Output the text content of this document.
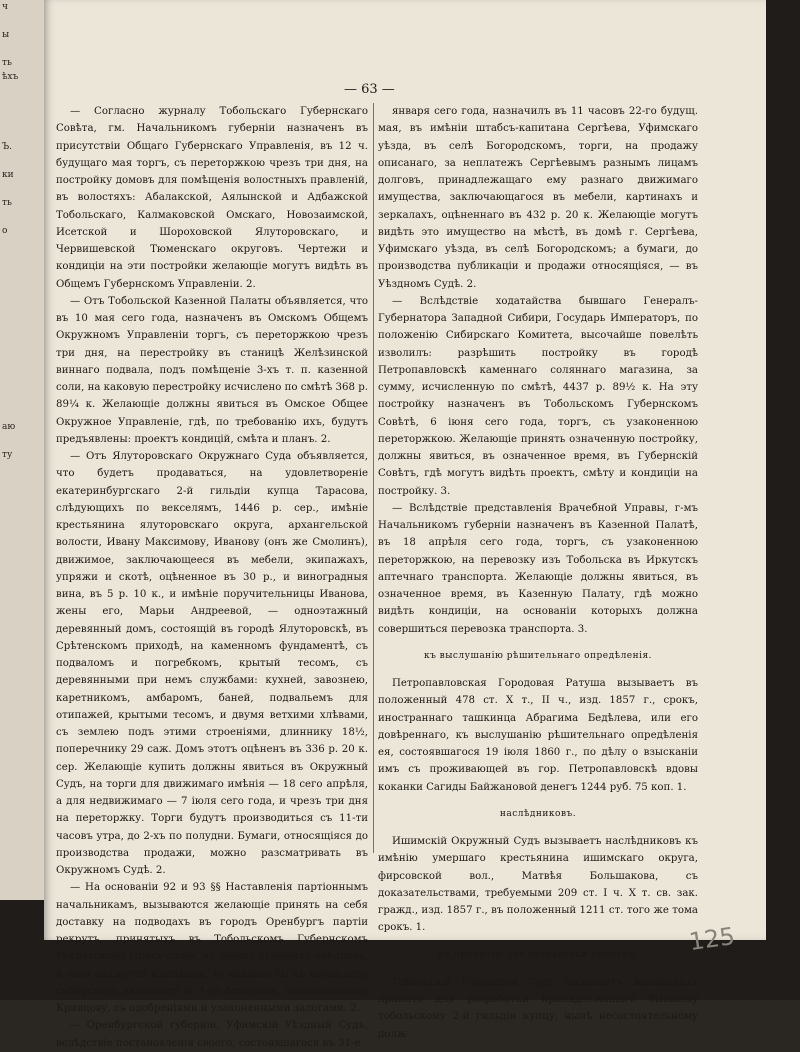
ч

ы

ть
ѣхъ

Ъ.

ки

ть

о

аю

ту

— 63 —

— Согласно журналу Тобольскаго Губернскаго Совѣта, гм. Начальникомъ губерніи назначенъ въ присутствіи Общаго Губернскаго Управленія, въ 12 ч. будущаго мая торгъ, съ переторжкою чрезъ три дня, на постройку домовъ для помѣщенія волостныхъ правленій, въ волостяхъ: Абалакской, Аялынской и Адбажской Тобольскаго, Калмаковской Омскаго, Новозаимской, Исетской и Шороховской Ялуторовскаго, и Червишевской Тюменскаго округовъ. Чертежи и кондиціи на эти постройки желающіе могутъ видѣть въ Общемъ Губернскомъ Управленіи. 2.

— Отъ Тобольской Казенной Палаты объявляется, что въ 10 мая сего года, назначенъ въ Омскомъ Общемъ Окружномъ Управленіи торгъ, съ переторжкою чрезъ три дня, на перестройку въ станицѣ Желѣзинской виннаго подвала, подъ помѣщеніе 3-хъ т. п. казенной соли, на каковую перестройку исчислено по смѣтѣ 368 р. 89¼ к. Желающіе должны явиться въ Омское Общее Окружное Управленіе, гдѣ, по требованію ихъ, будутъ предъявлены: проектъ кондицій, смѣта и планъ. 2.

— Отъ Ялуторовскаго Окружнаго Суда объявляется, что будетъ продаваться, на удовлетвореніе екатеринбургскаго 2-й гильдіи купца Тарасова, слѣдующихъ по векселямъ, 1446 р. сер., имѣніе крестьянина ялуторовскаго округа, архангельской волости, Ивану Максимову, Иванову (онъ же Смолинъ), движимое, заключающееся въ мебели, экипажахъ, упряжи и скотѣ, оцѣненное въ 30 р., и виноградныя вина, въ 5 р. 10 к., и имѣніе поручительницы Иванова, жены его, Марьи Андреевой, — одноэтажный деревянный домъ, состоящій въ городѣ Ялуторовскѣ, въ Срѣтенскомъ приходѣ, на каменномъ фундаментѣ, съ подваломъ и погребкомъ, крытый тесомъ, съ деревянными при немъ службами: кухней, завознею, каретникомъ, амбаромъ, баней, подвальемъ для отипажей, крытыми тесомъ, и двумя ветхими хлѣвами, съ землею подъ этими строеніями, длиннику 18½, поперечнику 29 саж. Домъ этотъ оцѣненъ въ 336 р. 20 к. сер. Желающіе купить должны явиться въ Окружный Судъ, на торги для движимаго имѣнія — 18 сего апрѣля, а для недвижимаго — 7 іюля сего года, и чрезъ три дня на переторжку. Торги будутъ производиться съ 11-ти часовъ утра, до 2-хъ по полудни. Бумаги, относящіяся до производства продажи, можно разсматривать въ Окружномъ Судѣ. 2.

— На основаніи 92 и 93 §§ Наставленія партіоннымъ начальникамъ, вызываются желающіе принять на себя доставку на подводахъ въ городъ Оренбургъ партіи рекрутъ, принятыхъ въ Тобольскомъ Губернскомъ Рекрутскомъ Присутствіи, въ зачетъ будущихъ наборовъ, и если окажутся желающіе, то явились бы къ командиру сибирскаго линейнаго № 1-го баталіона, подполковнику Кривцову, съ одобреніями и узаконенными залогами. 2.

— Оренбургской губерніи, Уфимскій Уѣздный Судъ, вслѣдствіе постановленія своего, состоявшагося въ 31-е

января сего года, назначилъ въ 11 часовъ 22-го будущ. мая, въ имѣніи штабсъ-капитана Сергѣева, Уфимскаго уѣзда, въ селѣ Богородскомъ, торги, на продажу описанаго, за неплатежъ Сергѣевымъ разнымъ лицамъ долговъ, принадлежащаго ему разнаго движимаго имущества, заключающагося въ мебели, картинахъ и зеркалахъ, оцѣненнаго въ 432 р. 20 к. Желающіе могутъ видѣть это имущество на мѣстѣ, въ домѣ г. Сергѣева, Уфимскаго уѣзда, въ селѣ Богородскомъ; а бумаги, до производства публикаціи и продажи относящіяся, — въ Уѣздномъ Судѣ. 2.

— Вслѣдствіе ходатайства бывшаго Генералъ-Губернатора Западной Сибири, Государь Императоръ, по положенію Сибирскаго Комитета, высочайше повелѣть изволилъ: разрѣшить постройку въ городѣ Петропавловскѣ каменнаго соляннаго магазина, за сумму, исчисленную по смѣтѣ, 4437 р. 89½ к. На эту постройку назначенъ въ Тобольскомъ Губернскомъ Совѣтѣ, 6 іюня сего года, торгъ, съ узаконенною переторжкою. Желающіе принять означенную постройку, должны явиться, въ означенное время, въ Губернскій Совѣтъ, гдѣ могутъ видѣть проектъ, смѣту и кондиціи на постройку. 3.

— Вслѣдствіе представленія Врачебной Управы, г-мъ Начальникомъ губерніи назначенъ въ Казенной Палатѣ, въ 18 апрѣля сего года, торгъ, съ узаконенною переторжкою, на перевозку изъ Тобольска въ Иркутскъ аптечнаго транспорта. Желающіе должны явиться, въ означенное время, въ Казенную Палату, гдѣ можно видѣть кондиціи, на основаніи которыхъ должна совершиться перевозка транспорта. 3.

къ выслушанію рѣшительнаго опредѣленія.

Петропавловская Городовая Ратуша вызываетъ въ положенный 478 ст. X т., II ч., изд. 1857 г., срокъ, иностраннаго ташкинца Абрагима Бедѣлева, или его довѣреннаго, къ выслушанію рѣшительнаго опредѣленія ея, состоявшагося 19 іюля 1860 г., по дѣлу о взысканіи имъ съ проживающей въ гор. Петропавловскѣ вдовы коканки Сагиды Байжановой денегъ 1244 руб. 75 коп. 1.

наслѣдниковъ.

Ишимскій Окружный Судъ вызываетъ наслѣдниковъ къ имѣнію умершаго крестьянина ишимскаго округа, фирсовской вол., Матвѣя Большакова, съ доказательствами, требуемыми 209 ст. I ч. X т. св. зак. гражд., изд. 1857 г., въ положенный 1211 ст. того же тома срокъ. 1.

къ принятію для разработки прииска.

Тобольскій Городовой Судъ вызываетъ желающихъ принять для разработки принадлежащаго бывшему тобольскому 2-й гильдіи купцу, нынѣ несостоятельному долж-

125
